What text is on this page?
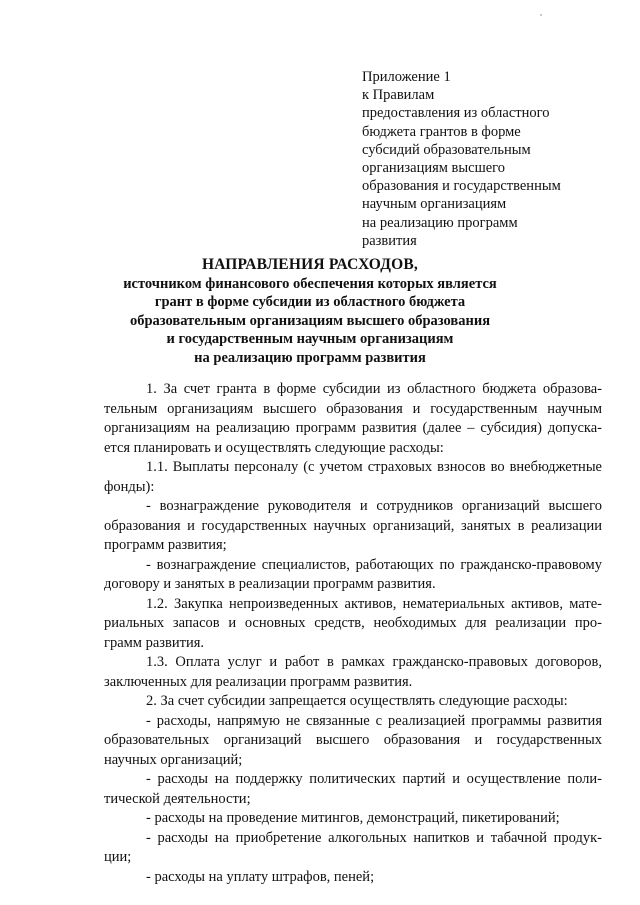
Приложение 1
к Правилам
предоставления из областного
бюджета грантов в форме
субсидий образовательным
организациям высшего
образования и государственным
научным организациям
на реализацию программ
развития
НАПРАВЛЕНИЯ РАСХОДОВ,
источником финансового обеспечения которых является
грант в форме субсидии из областного бюджета
образовательным организациям высшего образования
и государственным научным организациям
на реализацию программ развития
1. За счет гранта в форме субсидии из областного бюджета образова-
тельным организациям высшего образования и государственным научным
организациям на реализацию программ развития (далее – субсидия) допуска-
ется планировать и осуществлять следующие расходы:
1.1. Выплаты персоналу (с учетом страховых взносов во внебюджетные
фонды):
- вознаграждение руководителя и сотрудников организаций высшего
образования и государственных научных организаций, занятых в реализации
программ развития;
- вознаграждение специалистов, работающих по гражданско-правовому
договору и занятых в реализации программ развития.
1.2. Закупка непроизведенных активов, нематериальных активов, мате-
риальных запасов и основных средств, необходимых для реализации про-
грамм развития.
1.3. Оплата услуг и работ в рамках гражданско-правовых договоров,
заключенных для реализации программ развития.
2. За счет субсидии запрещается осуществлять следующие расходы:
- расходы, напрямую не связанные с реализацией программы развития
образовательных организаций высшего образования и государственных
научных организаций;
- расходы на поддержку политических партий и осуществление поли-
тической деятельности;
- расходы на проведение митингов, демонстраций, пикетирований;
- расходы на приобретение алкогольных напитков и табачной продук-
ции;
- расходы на уплату штрафов, пеней;
